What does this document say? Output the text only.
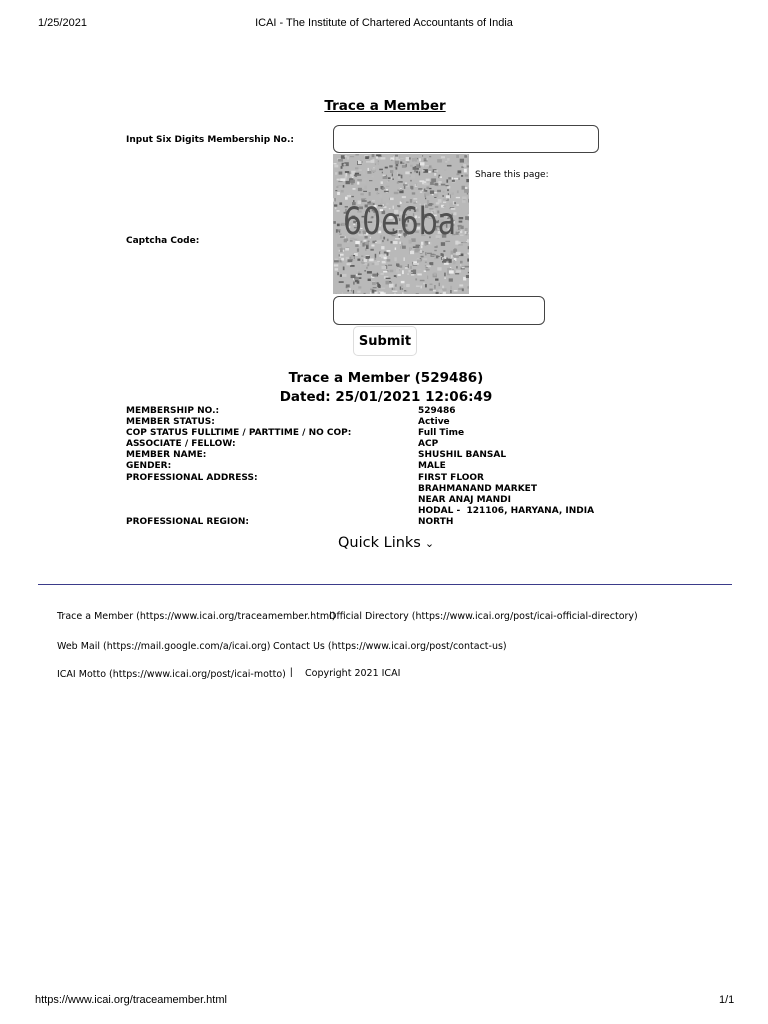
1/25/2021	ICAI - The Institute of Chartered Accountants of India
Trace a Member
Input Six Digits Membership No.:
60e6ba
Share this page:
Captcha Code:
Submit
Trace a Member (529486)
Dated: 25/01/2021 12:06:49
MEMBERSHIP NO.:	529486
MEMBER STATUS:	Active
COP STATUS FULLTIME / PARTTIME / NO COP:	Full Time
ASSOCIATE / FELLOW:	ACP
MEMBER NAME:	SHUSHIL BANSAL
GENDER:	MALE
PROFESSIONAL ADDRESS:	FIRST FLOOR
BRAHMANAND MARKET
NEAR ANAJ MANDI
HODAL -  121106, HARYANA, INDIA
PROFESSIONAL REGION:	NORTH
Quick Links ⌄
Trace a Member (https://www.icai.org/traceamember.html)
Official Directory (https://www.icai.org/post/icai-official-directory)
Web Mail (https://mail.google.com/a/icai.org) Contact Us (https://www.icai.org/post/contact-us)
ICAI Motto (https://www.icai.org/post/icai-motto) | Copyright 2021 ICAI
https://www.icai.org/traceamember.html	1/1
